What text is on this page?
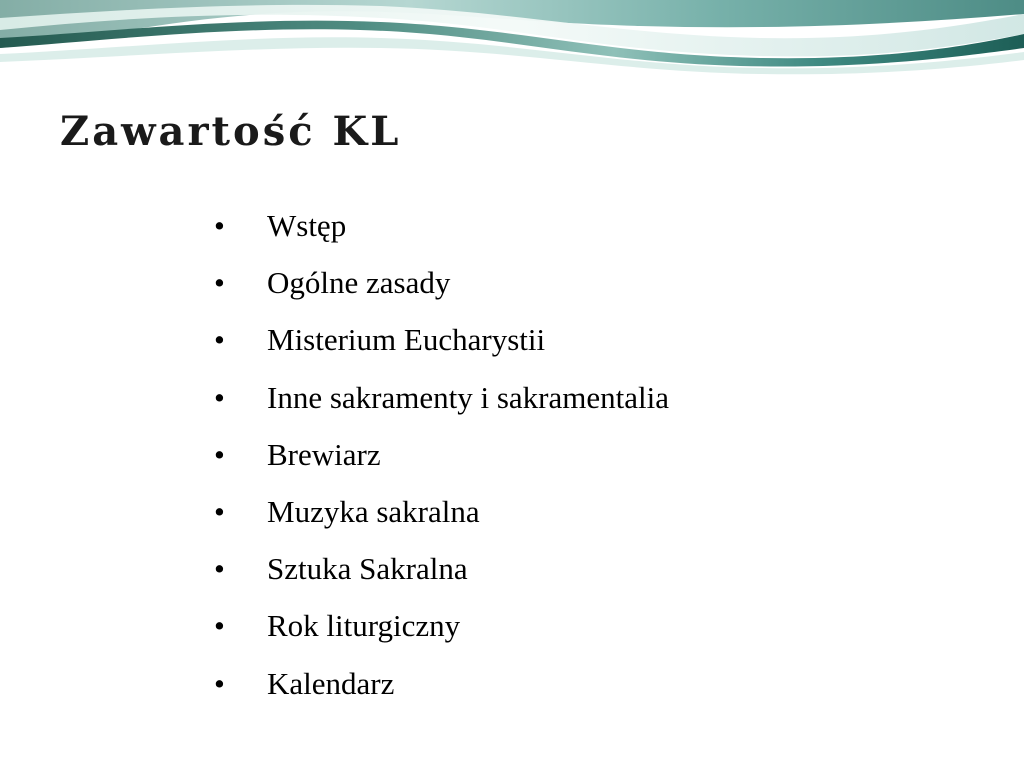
Zawartość KL
• Wstęp
• Ogólne zasady
• Misterium Eucharystii
• Inne sakramenty i sakramentalia
• Brewiarz
• Muzyka sakralna
• Sztuka Sakralna
• Rok liturgiczny
• Kalendarz
